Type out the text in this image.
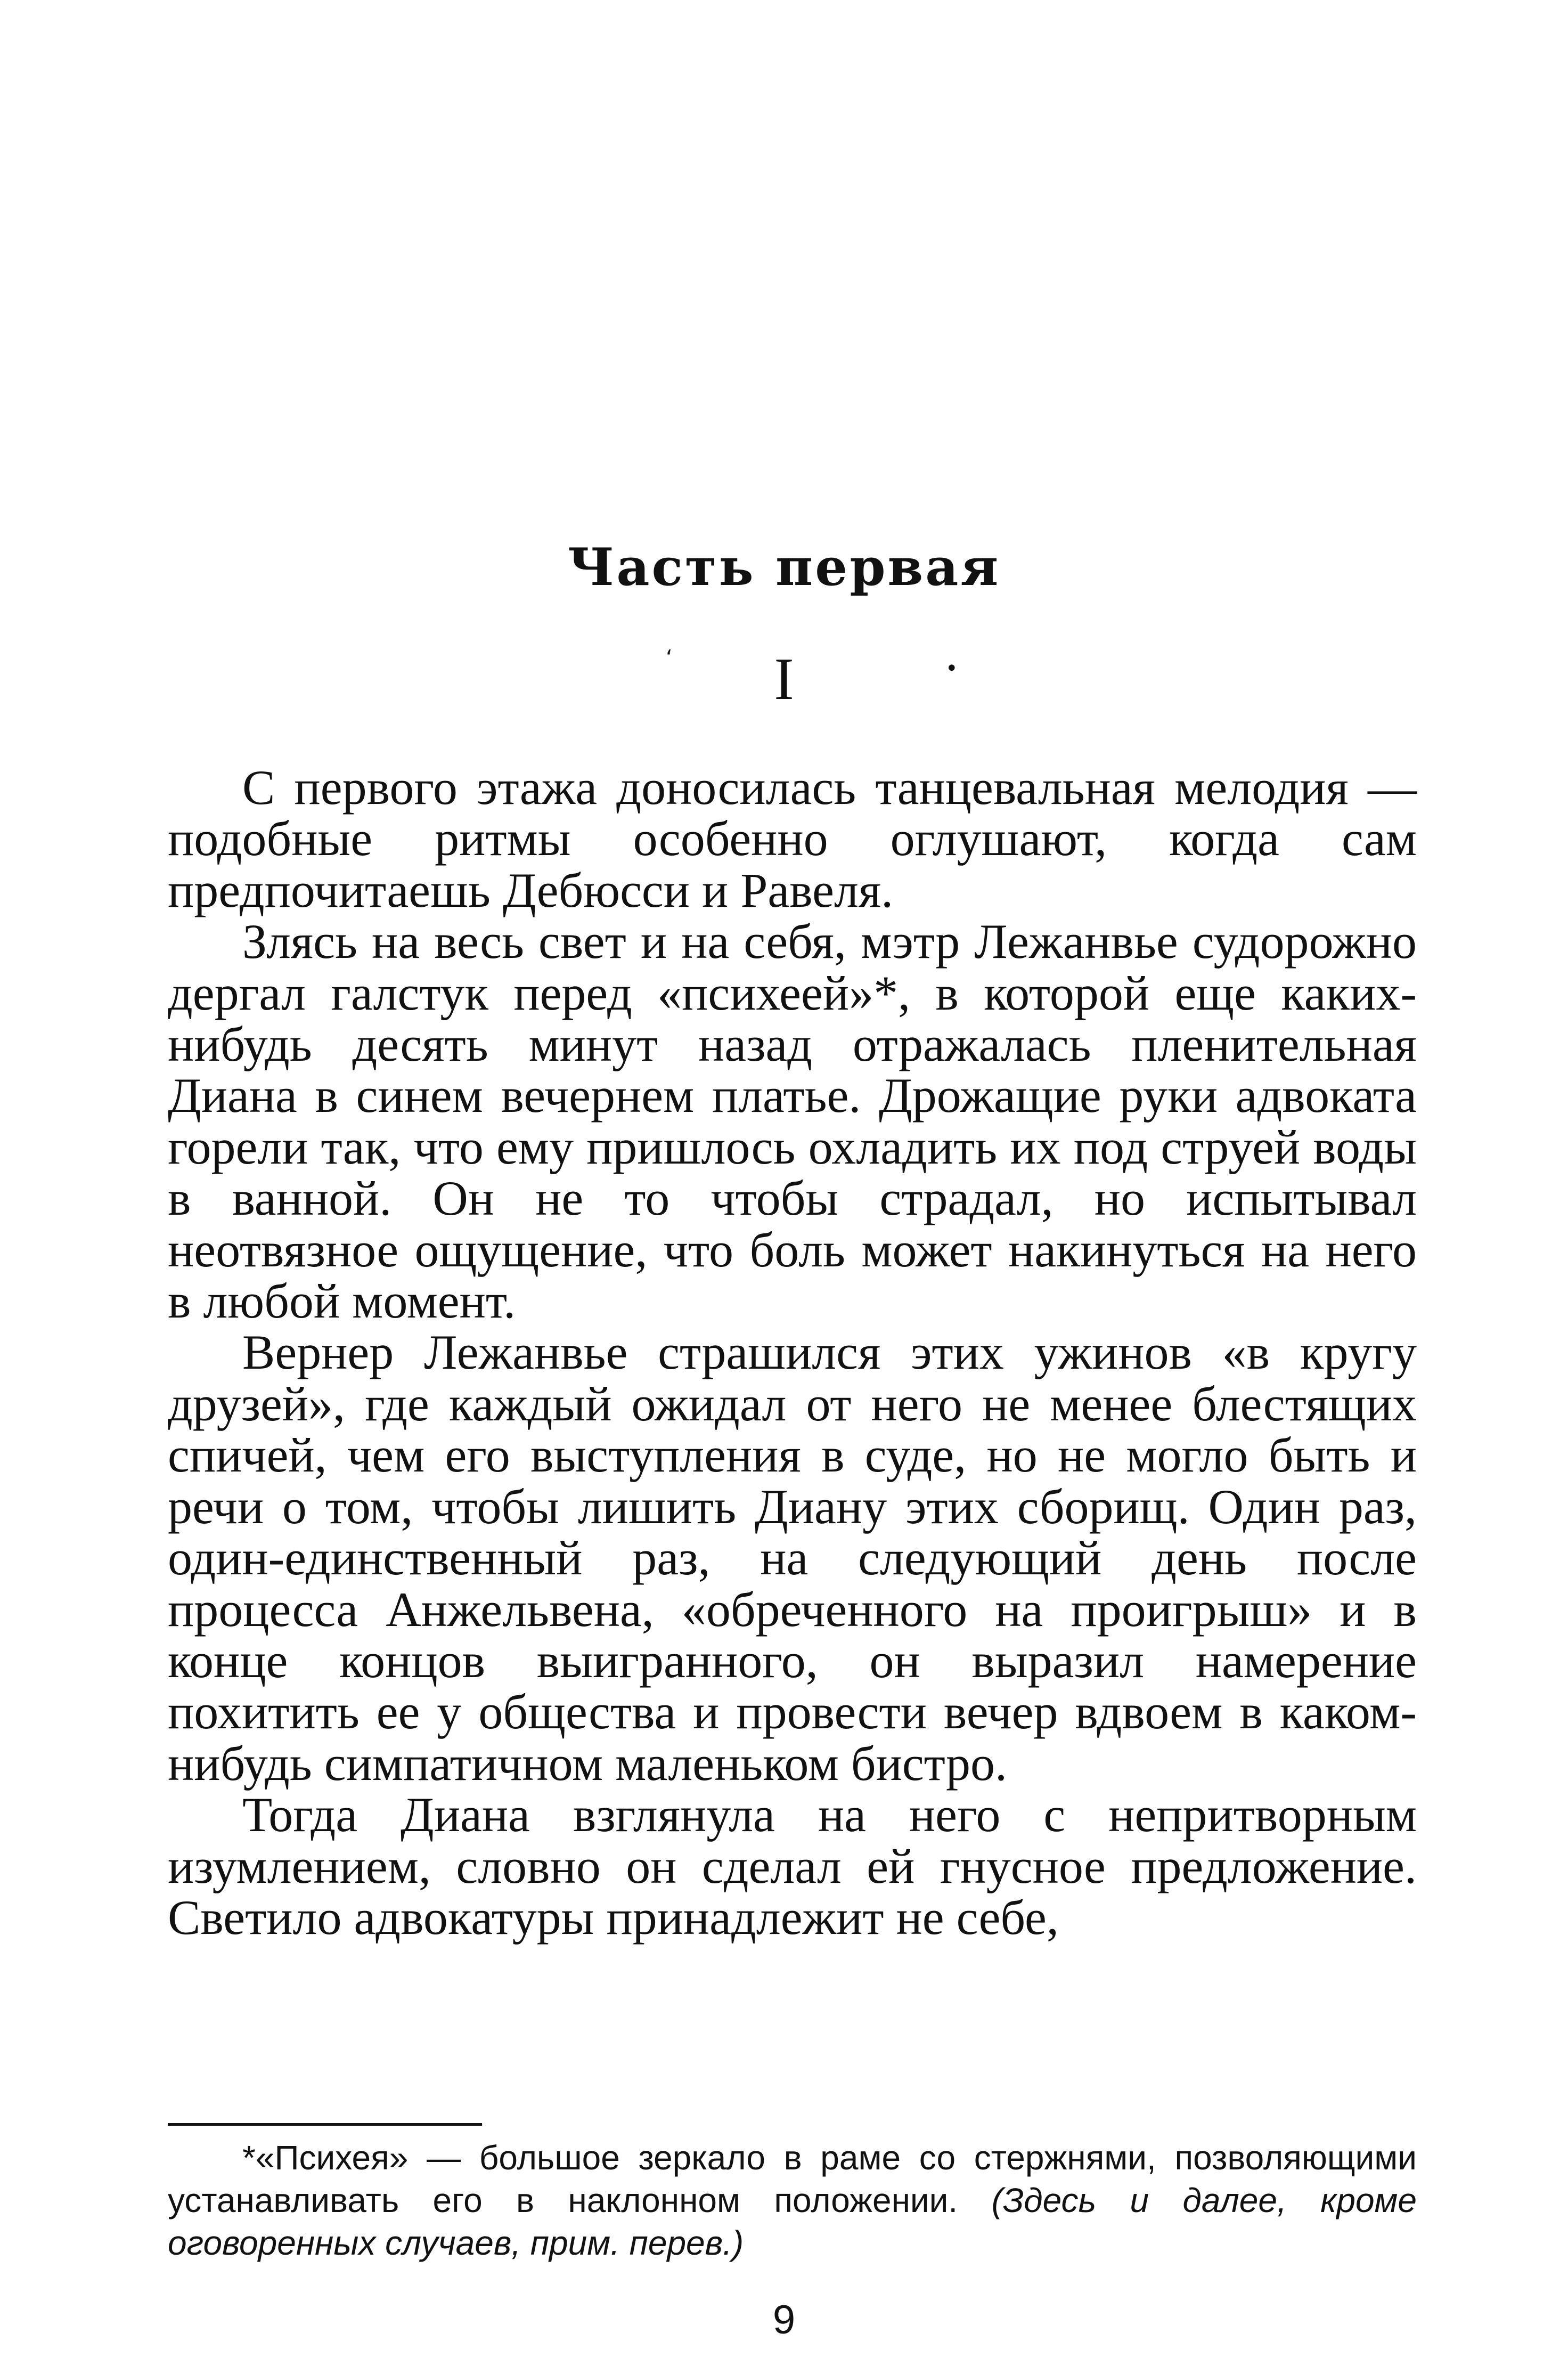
Часть первая
ʻ	I	•

С первого этажа доносилась танцевальная мелодия — подобные ритмы особенно оглушают, когда сам предпочитаешь Дебюсси и Равеля.

Злясь на весь свет и на себя, мэтр Лежанвье судорожно дергал галстук перед «психеей»*, в которой еще каких-нибудь десять минут назад отражалась пленительная Диана в синем вечернем платье. Дрожащие руки адвоката горели так, что ему пришлось охладить их под струей воды в ванной. Он не то чтобы страдал, но испытывал неотвязное ощущение, что боль может накинуться на него в любой момент.

Вернер Лежанвье страшился этих ужинов «в кругу друзей», где каждый ожидал от него не менее блестящих спичей, чем его выступления в суде, но не могло быть и речи о том, чтобы лишить Диану этих сборищ. Один раз, один-единственный раз, на следующий день после процесса Анжельвена, «обреченного на проигрыш» и в конце концов выигранного, он выразил намерение похитить ее у общества и провести вечер вдвоем в каком-нибудь симпатичном маленьком бистро.

Тогда Диана взглянула на него с непритворным изумлением, словно он сделал ей гнусное предложение. Светило адвокатуры принадлежит не себе,

*«Психея» — большое зеркало в раме со стержнями, позволяющими устанавливать его в наклонном положении. (Здесь и далее, кроме оговоренных случаев, прим. перев.)
9
